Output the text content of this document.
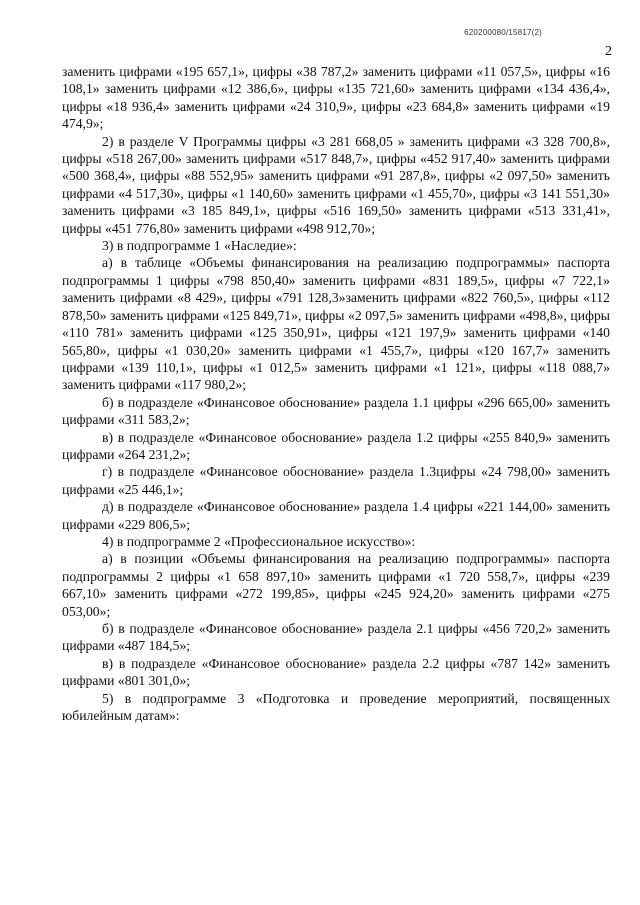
620200080/15817(2)
2

заменить цифрами «195 657,1», цифры «38 787,2» заменить цифрами «11 057,5», цифры «16 108,1» заменить цифрами «12 386,6», цифры «135 721,60» заменить цифрами «134 436,4», цифры «18 936,4» заменить цифрами «24 310,9», цифры «23 684,8» заменить цифрами «19 474,9»;

2) в разделе V Программы цифры «3 281 668,05 » заменить цифрами «3 328 700,8», цифры «518 267,00» заменить цифрами «517 848,7», цифры «452 917,40» заменить цифрами «500 368,4», цифры «88 552,95» заменить цифрами «91 287,8», цифры «2 097,50» заменить цифрами «4 517,30», цифры «1 140,60» заменить цифрами «1 455,70», цифры «3 141 551,30» заменить цифрами «3 185 849,1», цифры «516 169,50» заменить цифрами «513 331,41», цифры «451 776,80» заменить цифрами «498 912,70»;

3) в подпрограмме 1 «Наследие»:

а) в таблице «Объемы финансирования на реализацию подпрограммы» паспорта подпрограммы 1 цифры «798 850,40» заменить цифрами «831 189,5», цифры «7 722,1» заменить цифрами «8 429», цифры «791 128,3»заменить цифрами «822 760,5», цифры «112 878,50» заменить цифрами «125 849,71», цифры «2 097,5» заменить цифрами «498,8», цифры «110 781» заменить цифрами «125 350,91», цифры «121 197,9» заменить цифрами «140 565,80», цифры «1 030,20» заменить цифрами «1 455,7», цифры «120 167,7» заменить цифрами «139 110,1», цифры «1 012,5» заменить цифрами «1 121», цифры «118 088,7» заменить цифрами «117 980,2»;

б) в подразделе «Финансовое обоснование» раздела 1.1 цифры «296 665,00» заменить цифрами «311 583,2»;

в) в подразделе «Финансовое обоснование» раздела 1.2 цифры «255 840,9» заменить цифрами «264 231,2»;

г) в подразделе «Финансовое обоснование» раздела 1.3цифры «24 798,00» заменить цифрами «25 446,1»;

д) в подразделе «Финансовое обоснование» раздела 1.4 цифры «221 144,00» заменить цифрами «229 806,5»;

4) в подпрограмме 2 «Профессиональное искусство»:

а) в позиции «Объемы финансирования на реализацию подпрограммы» паспорта подпрограммы 2 цифры «1 658 897,10» заменить цифрами «1 720 558,7», цифры «239 667,10» заменить цифрами «272 199,85», цифры «245 924,20» заменить цифрами «275 053,00»;

б) в подразделе «Финансовое обоснование» раздела 2.1 цифры «456 720,2» заменить цифрами «487 184,5»;

в) в подразделе «Финансовое обоснование» раздела 2.2 цифры «787 142» заменить цифрами «801 301,0»;

5) в подпрограмме 3 «Подготовка и проведение мероприятий, посвященных юбилейным датам»:
